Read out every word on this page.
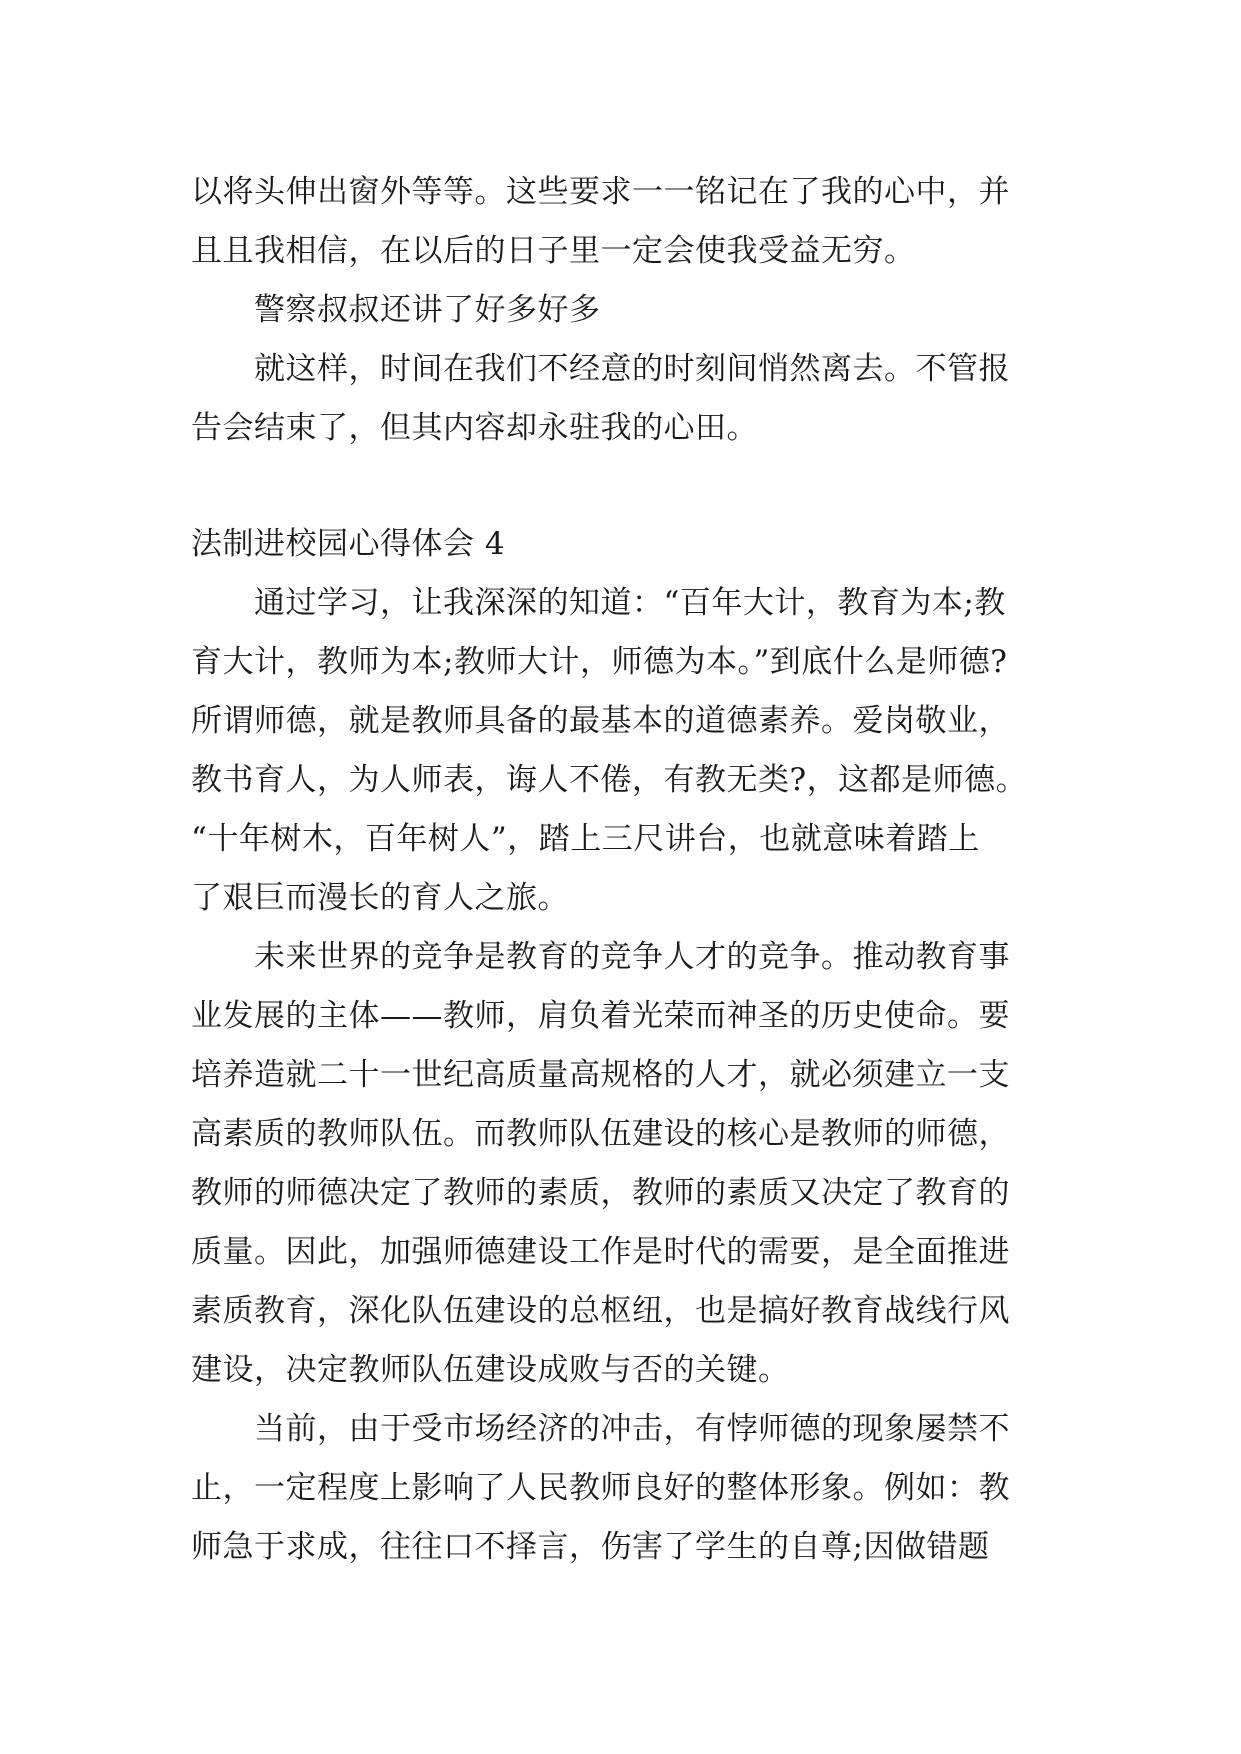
以将头伸出窗外等等。这些要求一一铭记在了我的心中，并
且且我相信，在以后的日子里一定会使我受益无穷。
　　警察叔叔还讲了好多好多
　　就这样，时间在我们不经意的时刻间悄然离去。不管报
告会结束了，但其内容却永驻我的心田。
法制进校园心得体会 4
　　通过学习，让我深深的知道：“百年大计，教育为本;教
育大计，教师为本;教师大计，师德为本。”到底什么是师德?
所谓师德，就是教师具备的最基本的道德素养。爱岗敬业，
教书育人，为人师表，诲人不倦，有教无类?，这都是师德。
“十年树木，百年树人”，踏上三尺讲台，也就意味着踏上
了艰巨而漫长的育人之旅。
　　未来世界的竞争是教育的竞争人才的竞争。推动教育事
业发展的主体——教师，肩负着光荣而神圣的历史使命。要
培养造就二十一世纪高质量高规格的人才，就必须建立一支
高素质的教师队伍。而教师队伍建设的核心是教师的师德，
教师的师德决定了教师的素质，教师的素质又决定了教育的
质量。因此，加强师德建设工作是时代的需要，是全面推进
素质教育，深化队伍建设的总枢纽，也是搞好教育战线行风
建设，决定教师队伍建设成败与否的关键。
　　当前，由于受市场经济的冲击，有悖师德的现象屡禁不
止，一定程度上影响了人民教师良好的整体形象。例如：教
师急于求成，往往口不择言，伤害了学生的自尊;因做错题
